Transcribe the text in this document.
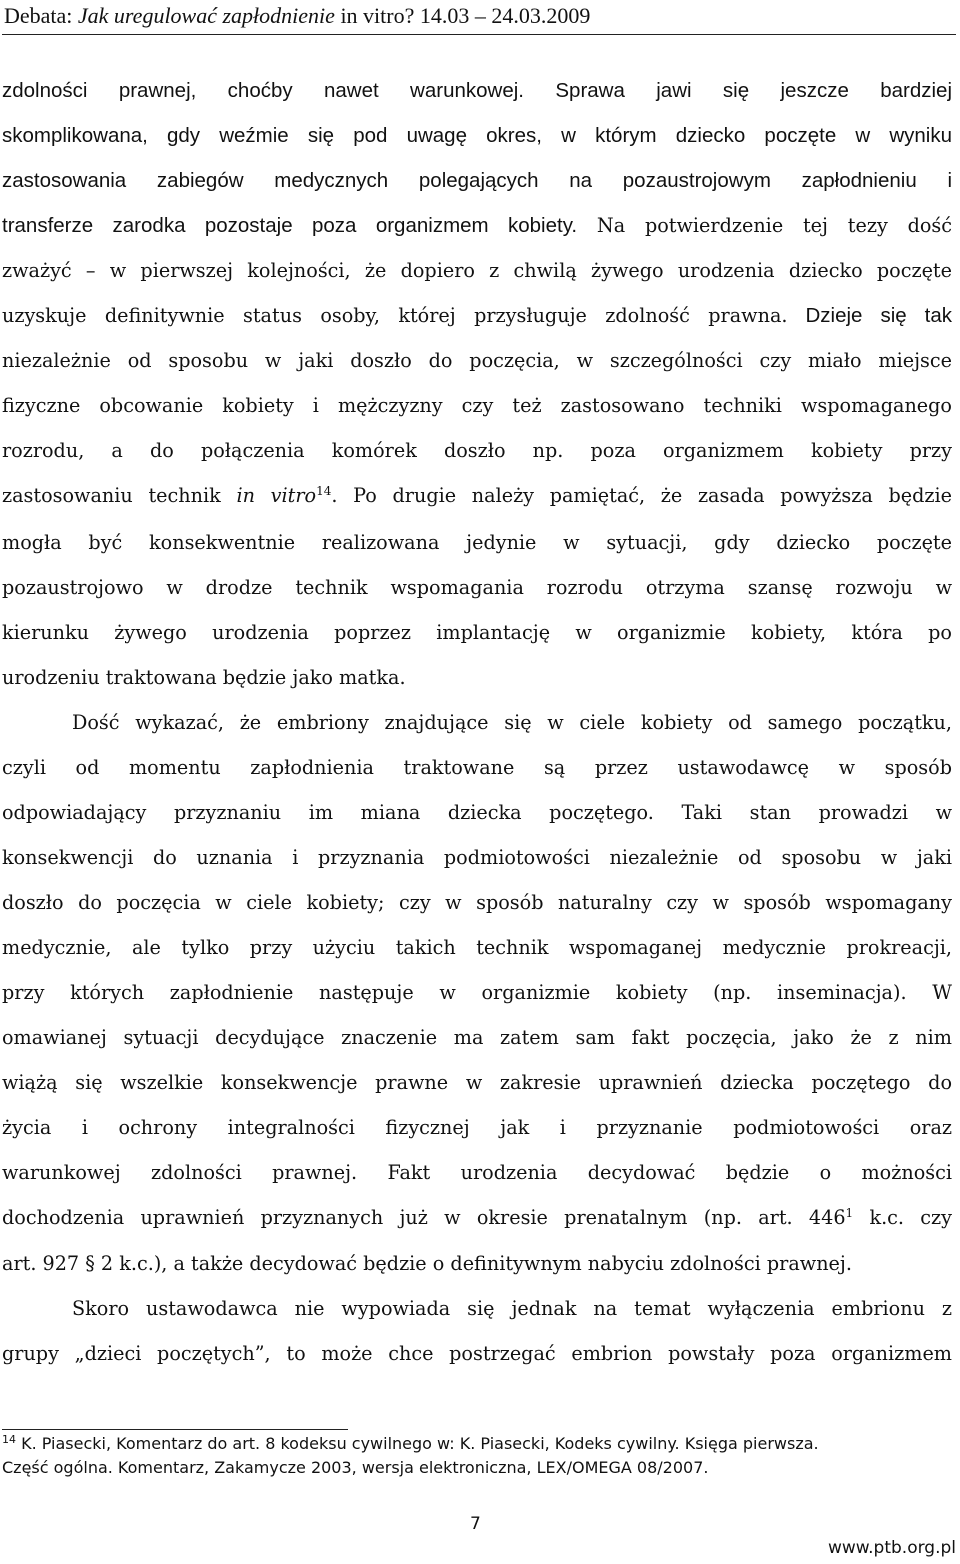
Debata: Jak uregulować zapłodnienie in vitro? 14.03 – 24.03.2009
zdolności prawnej, choćby nawet warunkowej. Sprawa jawi się jeszcze bardziej
skomplikowana, gdy weźmie się pod uwagę okres, w którym dziecko poczęte w wyniku
zastosowania zabiegów medycznych polegających na pozaustrojowym zapłodnieniu i
transferze zarodka pozostaje poza organizmem kobiety. Na potwierdzenie tej tezy dość
zważyć – w pierwszej kolejności, że dopiero z chwilą żywego urodzenia dziecko poczęte
uzyskuje definitywnie status osoby, której przysługuje zdolność prawna. Dzieje się tak
niezależnie od sposobu w jaki doszło do poczęcia, w szczególności czy miało miejsce
fizyczne obcowanie kobiety i mężczyzny czy też zastosowano techniki wspomaganego
rozrodu, a do połączenia komórek doszło np. poza organizmem kobiety przy
zastosowaniu technik in vitro$^{14}$. Po drugie należy pamiętać, że zasada powyższa będzie
mogła być konsekwentnie realizowana jedynie w sytuacji, gdy dziecko poczęte
pozaustrojowo w drodze technik wspomagania rozrodu otrzyma szansę rozwoju w
kierunku żywego urodzenia poprzez implantację w organizmie kobiety, która po
urodzeniu traktowana będzie jako matka.
Dość wykazać, że embriony znajdujące się w ciele kobiety od samego początku,
czyli od momentu zapłodnienia traktowane są przez ustawodawcę w sposób
odpowiadający przyznaniu im miana dziecka poczętego. Taki stan prowadzi w
konsekwencji do uznania i przyznania podmiotowości niezależnie od sposobu w jaki
doszło do poczęcia w ciele kobiety; czy w sposób naturalny czy w sposób wspomagany
medycznie, ale tylko przy użyciu takich technik wspomaganej medycznie prokreacji,
przy których zapłodnienie następuje w organizmie kobiety (np. inseminacja). W
omawianej sytuacji decydujące znaczenie ma zatem sam fakt poczęcia, jako że z nim
wiążą się wszelkie konsekwencje prawne w zakresie uprawnień dziecka poczętego do
życia i ochrony integralności fizycznej jak i przyznanie podmiotowości oraz
warunkowej zdolności prawnej. Fakt urodzenia decydować będzie o możności
dochodzenia uprawnień przyznanych już w okresie prenatalnym (np. art. $446^1$ k.c. czy
art. 927 § 2 k.c.), a także decydować będzie o definitywnym nabyciu zdolności prawnej.
Skoro ustawodawca nie wypowiada się jednak na temat wyłączenia embrionu z
grupy „dzieci poczętych”, to może chce postrzegać embrion powstały poza organizmem
$^{14}$ K. Piasecki, Komentarz do art. 8 kodeksu cywilnego w: K. Piasecki, Kodeks cywilny. Księga pierwsza.
Część ogólna. Komentarz, Zakamycze 2003, wersja elektroniczna, LEX/OMEGA 08/2007.
7
www.ptb.org.pl
